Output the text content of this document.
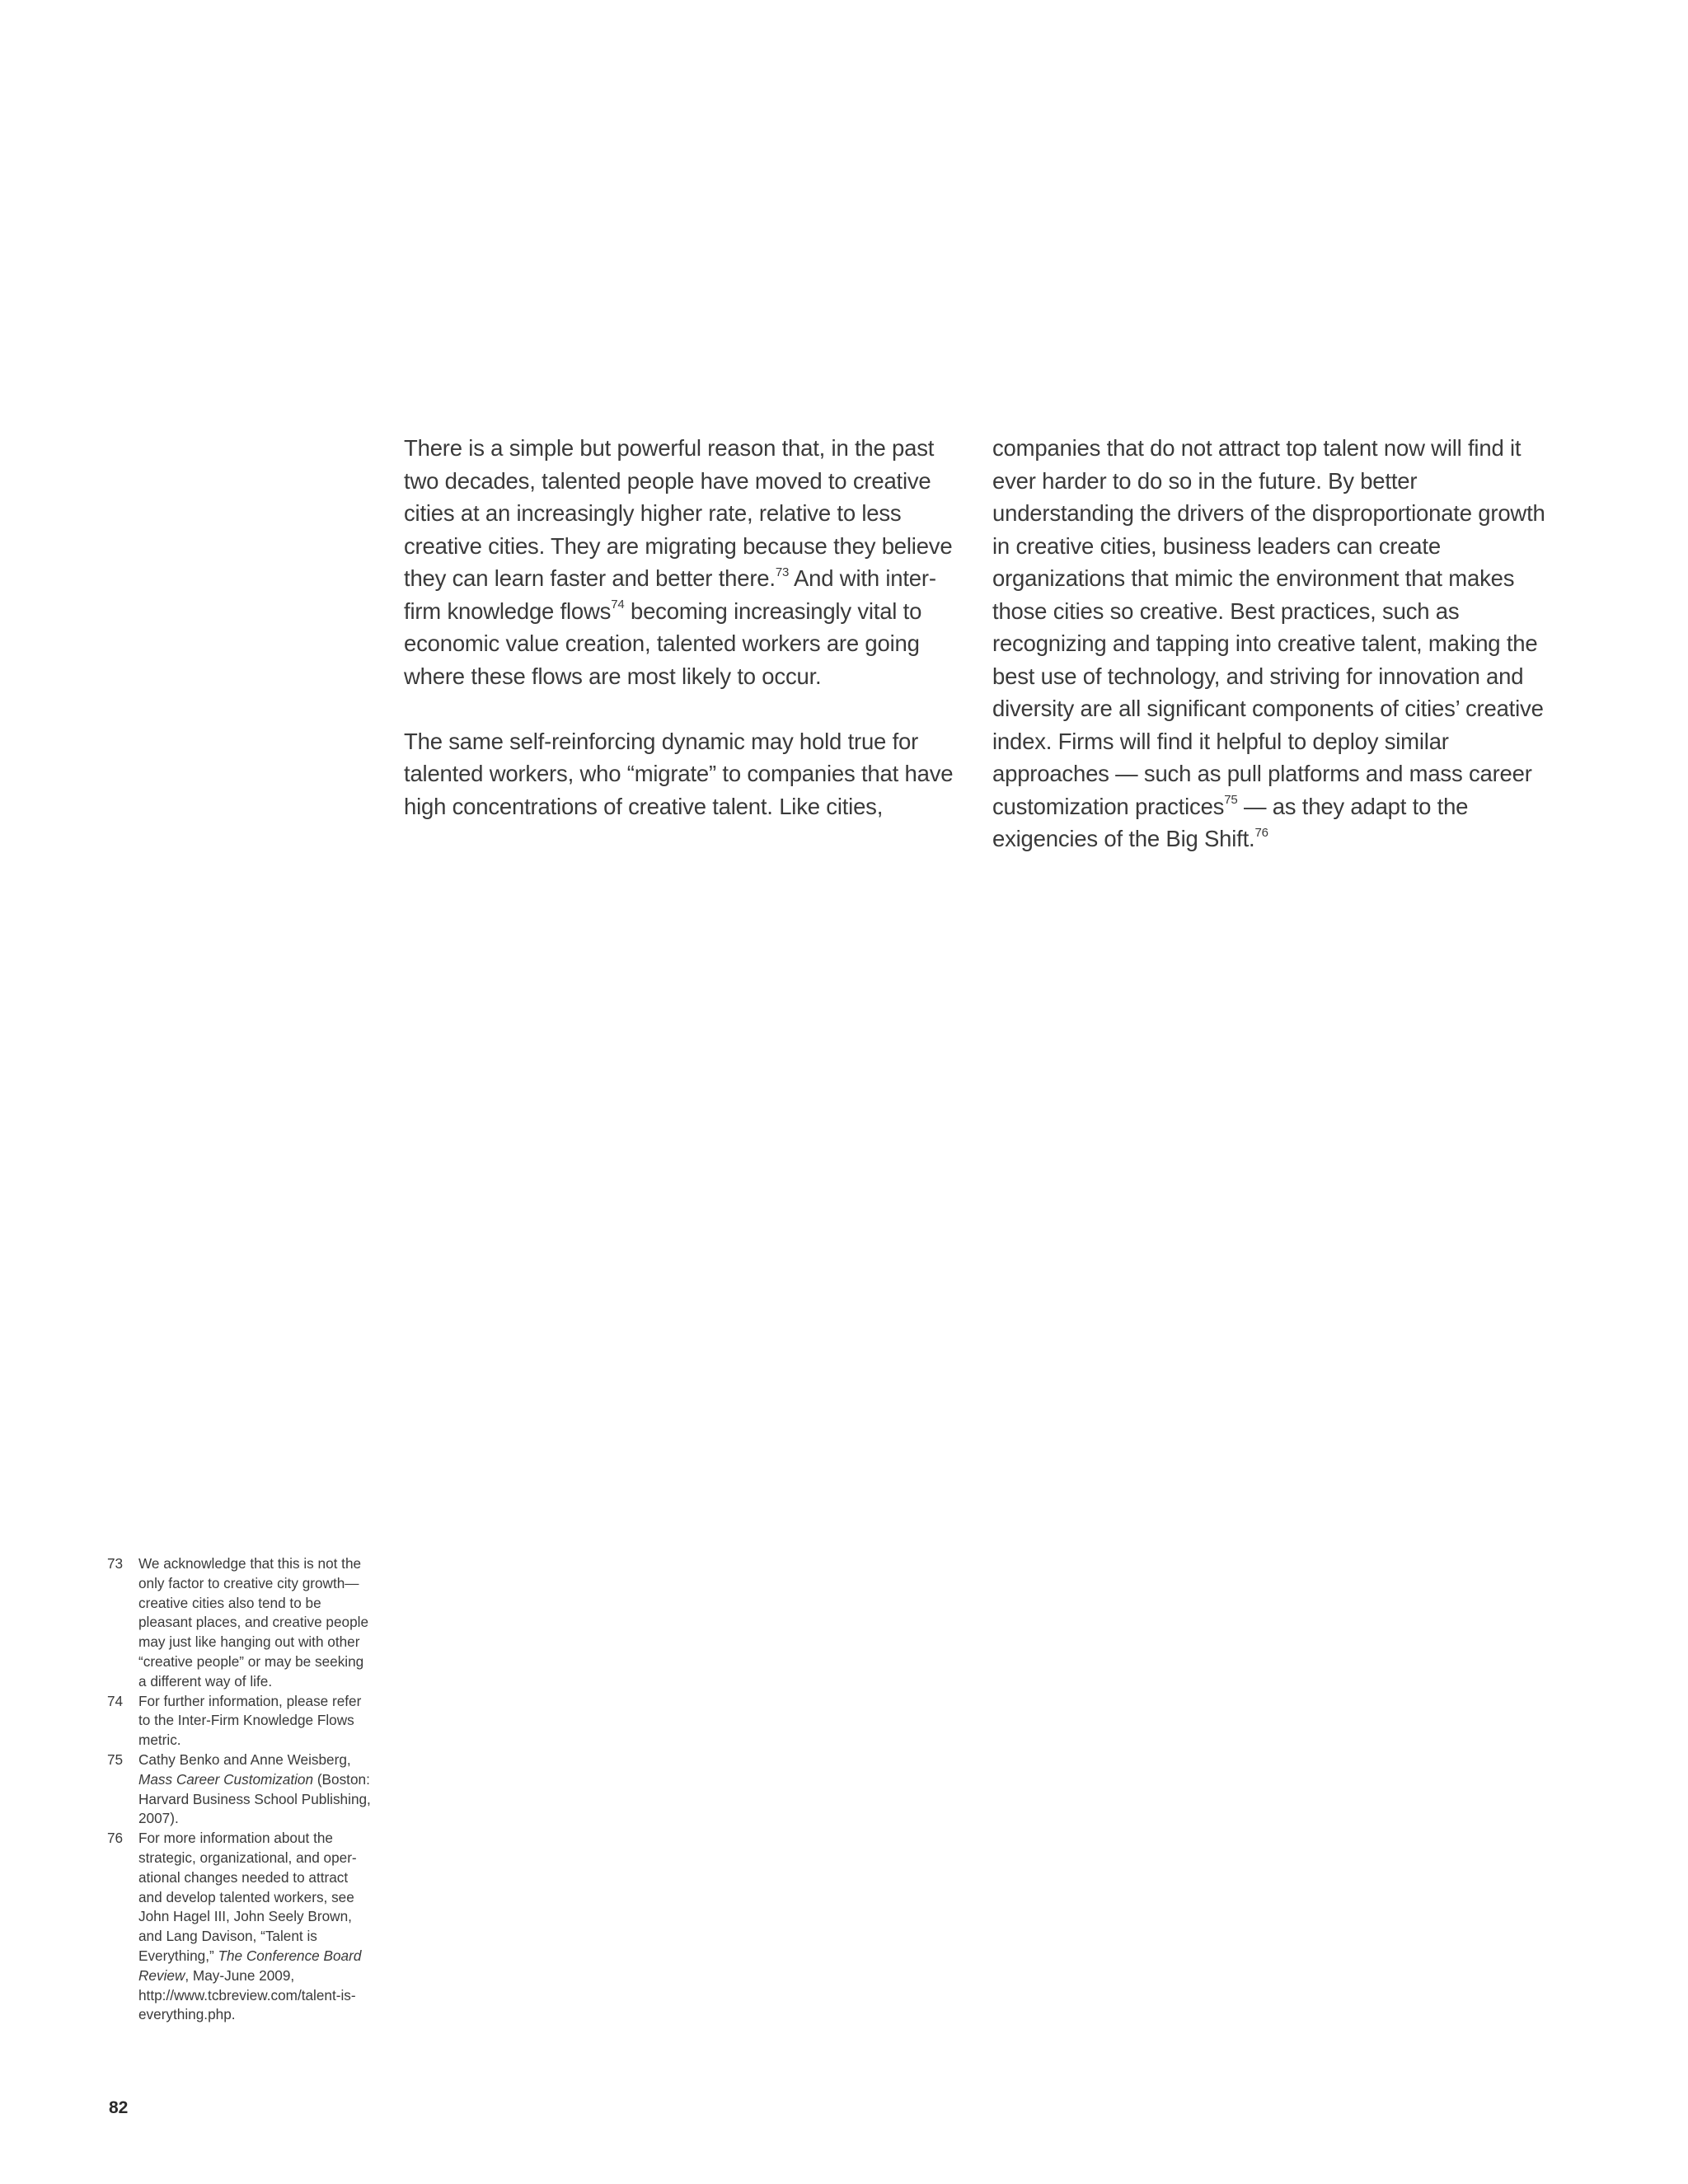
There is a simple but powerful reason that, in the past two decades, talented people have moved to creative cities at an increasingly higher rate, relative to less creative cities. They are migrating because they believe they can learn faster and better there.$^{73}$ And with inter-firm knowledge flows$^{74}$ becoming increasingly vital to economic value creation, talented workers are going where these flows are most likely to occur.

The same self-reinforcing dynamic may hold true for talented workers, who “migrate” to companies that have high concentrations of creative talent. Like cities,

companies that do not attract top talent now will find it ever harder to do so in the future. By better understanding the drivers of the disproportionate growth in creative cities, business leaders can create organizations that mimic the environment that makes those cities so creative. Best practices, such as recognizing and tapping into creative talent, making the best use of technology, and striving for innovation and diversity are all significant components of cities’ creative index. Firms will find it helpful to deploy similar approaches — such as pull platforms and mass career customization practices$^{75}$ — as they adapt to the exigencies of the Big Shift.$^{76}$

73	We acknowledge that this is not the only factor to creative city growth—creative cities also tend to be pleasant places, and creative people may just like hanging out with other “creative people” or may be seeking a different way of life.
74	For further information, please refer to the Inter-Firm Knowledge Flows metric.
75	Cathy Benko and Anne Weisberg, Mass Career Customization (Boston: Harvard Business School Publishing, 2007).
76	For more information about the strategic, organizational, and oper-ational changes needed to attract and develop talented workers, see John Hagel III, John Seely Brown, and Lang Davison, “Talent is Everything,” The Conference Board Review, May-June 2009, http://www.tcbreview.com/talent-is-everything.php.
82
